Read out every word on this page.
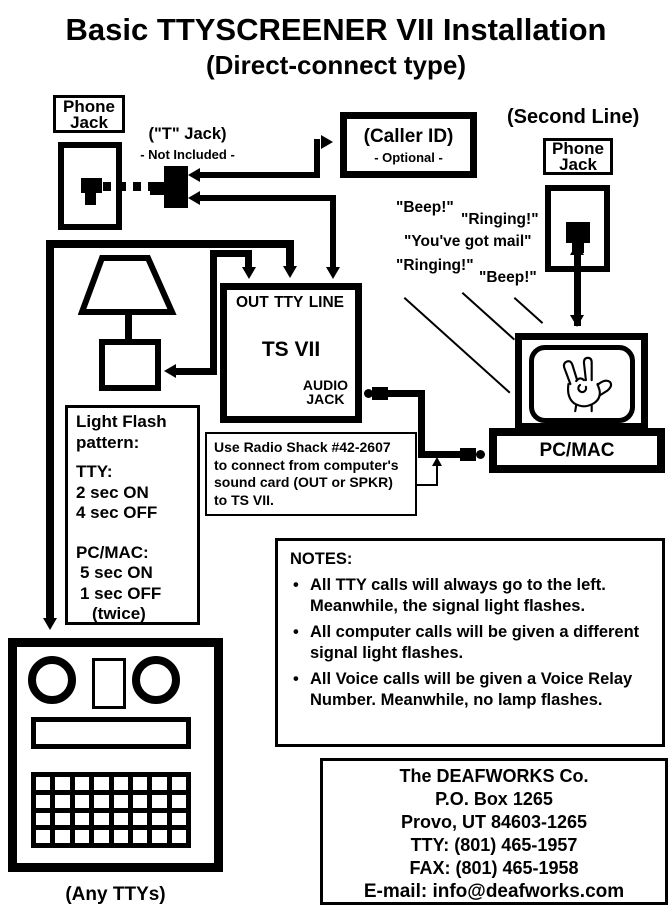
Basic TTYSCREENER VII Installation
(Direct-connect type)
Phone
Jack
("T" Jack)
- Not Included -
(Caller ID)
- Optional -
(Second Line)
Phone
Jack
"Beep!"
"Ringing!"
"You've got mail"
"Ringing!"
"Beep!"
OUT TTY LINE
TS VII
AUDIO
JACK
Light Flash
pattern:
TTY:
2 sec ON
4 sec OFF
PC/MAC:
5 sec ON
1 sec OFF
(twice)
Use Radio Shack #42-2607
to connect from computer's
sound card (OUT or SPKR)
to TS VII.
PC/MAC
NOTES:
• All TTY calls will always go to the left. Meanwhile, the signal light flashes.
• All computer calls will be given a different signal light flashes.
• All Voice calls will be given a Voice Relay Number. Meanwhile, no lamp flashes.
The DEAFWORKS Co.
P.O. Box 1265
Provo, UT 84603-1265
TTY: (801) 465-1957
FAX: (801) 465-1958
E-mail: info@deafworks.com
(Any TTYs)
